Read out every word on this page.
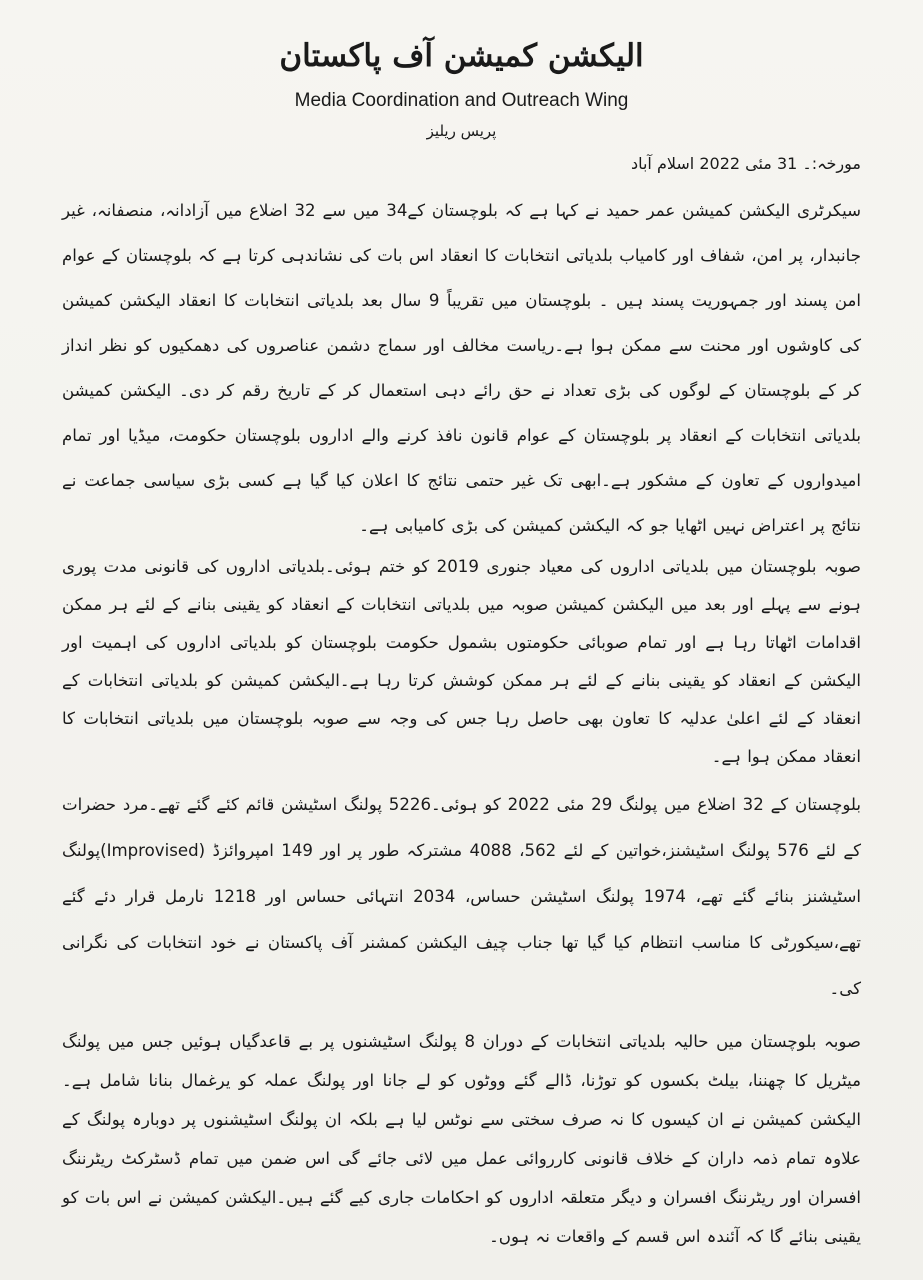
الیکشن کمیشن آف پاکستان
Media Coordination and Outreach Wing
پریس ریلیز
مورخہ:۔ 31 مئی 2022 اسلام آباد
سیکرٹری الیکشن کمیشن عمر حمید نے کہا ہے کہ بلوچستان کے34 میں سے 32 اضلاع میں آزادانہ، منصفانہ، غیر جانبدار، پر امن، شفاف اور کامیاب بلدیاتی انتخابات کا انعقاد اس بات کی نشاندہی کرتا ہے کہ بلوچستان کے عوام امن پسند اور جمہوریت پسند ہیں ۔ بلوچستان میں تقریباً 9 سال بعد بلدیاتی انتخابات کا انعقاد الیکشن کمیشن کی کاوشوں اور محنت سے ممکن ہوا ہے۔ریاست مخالف اور سماج دشمن عناصروں کی دھمکیوں کو نظر انداز کر کے بلوچستان کے لوگوں کی بڑی تعداد نے حق رائے دہی استعمال کر کے تاریخ رقم کر دی۔ الیکشن کمیشن بلدیاتی انتخابات کے انعقاد پر بلوچستان کے عوام قانون نافذ کرنے والے اداروں بلوچستان حکومت، میڈیا اور تمام امیدواروں کے تعاون کے مشکور ہے۔ابھی تک غیر حتمی نتائج کا اعلان کیا گیا ہے کسی بڑی سیاسی جماعت نے نتائج پر اعتراض نہیں اٹھایا جو کہ الیکشن کمیشن کی بڑی کامیابی ہے۔
صوبہ بلوچستان میں بلدیاتی اداروں کی معیاد جنوری 2019 کو ختم ہوئی۔بلدیاتی اداروں کی قانونی مدت پوری ہونے سے پہلے اور بعد میں الیکشن کمیشن صوبہ میں بلدیاتی انتخابات کے انعقاد کو یقینی بنانے کے لئے ہر ممکن اقدامات اٹھاتا رہا ہے اور تمام صوبائی حکومتوں بشمول حکومت بلوچستان کو بلدیاتی اداروں کی اہمیت اور الیکشن کے انعقاد کو یقینی بنانے کے لئے ہر ممکن کوشش کرتا رہا ہے۔الیکشن کمیشن کو بلدیاتی انتخابات کے انعقاد کے لئے اعلیٰ عدلیہ کا تعاون بھی حاصل رہا جس کی وجہ سے صوبہ بلوچستان میں بلدیاتی انتخابات کا انعقاد ممکن ہوا ہے۔
بلوچستان کے 32 اضلاع میں پولنگ 29 مئی 2022 کو ہوئی۔5226 پولنگ اسٹیشن قائم کئے گئے تھے۔مرد حضرات کے لئے 576 پولنگ اسٹیشنز،خواتین کے لئے 562، 4088 مشترکہ طور پر اور 149 امپروائزڈ (Improvised)پولنگ اسٹیشنز بنائے گئے تھے، 1974 پولنگ اسٹیشن حساس، 2034 انتہائی حساس اور 1218 نارمل قرار دئے گئے تھے،سیکورٹی کا مناسب انتظام کیا گیا تھا جناب چیف الیکشن کمشنر آف پاکستان نے خود انتخابات کی نگرانی کی۔
صوبہ بلوچستان میں حالیہ بلدیاتی انتخابات کے دوران 8 پولنگ اسٹیشنوں پر بے قاعدگیاں ہوئیں جس میں پولنگ میٹریل کا چھننا، بیلٹ بکسوں کو توڑنا، ڈالے گئے ووٹوں کو لے جانا اور پولنگ عملہ کو یرغمال بنانا شامل ہے۔الیکشن کمیشن نے ان کیسوں کا نہ صرف سختی سے نوٹس لیا ہے بلکہ ان پولنگ اسٹیشنوں پر دوبارہ پولنگ کے علاوہ تمام ذمہ داران کے خلاف قانونی کارروائی عمل میں لائی جائے گی اس ضمن میں تمام ڈسٹرکٹ ریٹرننگ افسران اور ریٹرننگ افسران و دیگر متعلقہ اداروں کو احکامات جاری کیے گئے ہیں۔الیکشن کمیشن نے اس بات کو یقینی بنائے گا کہ آئندہ اس قسم کے واقعات نہ ہوں۔
